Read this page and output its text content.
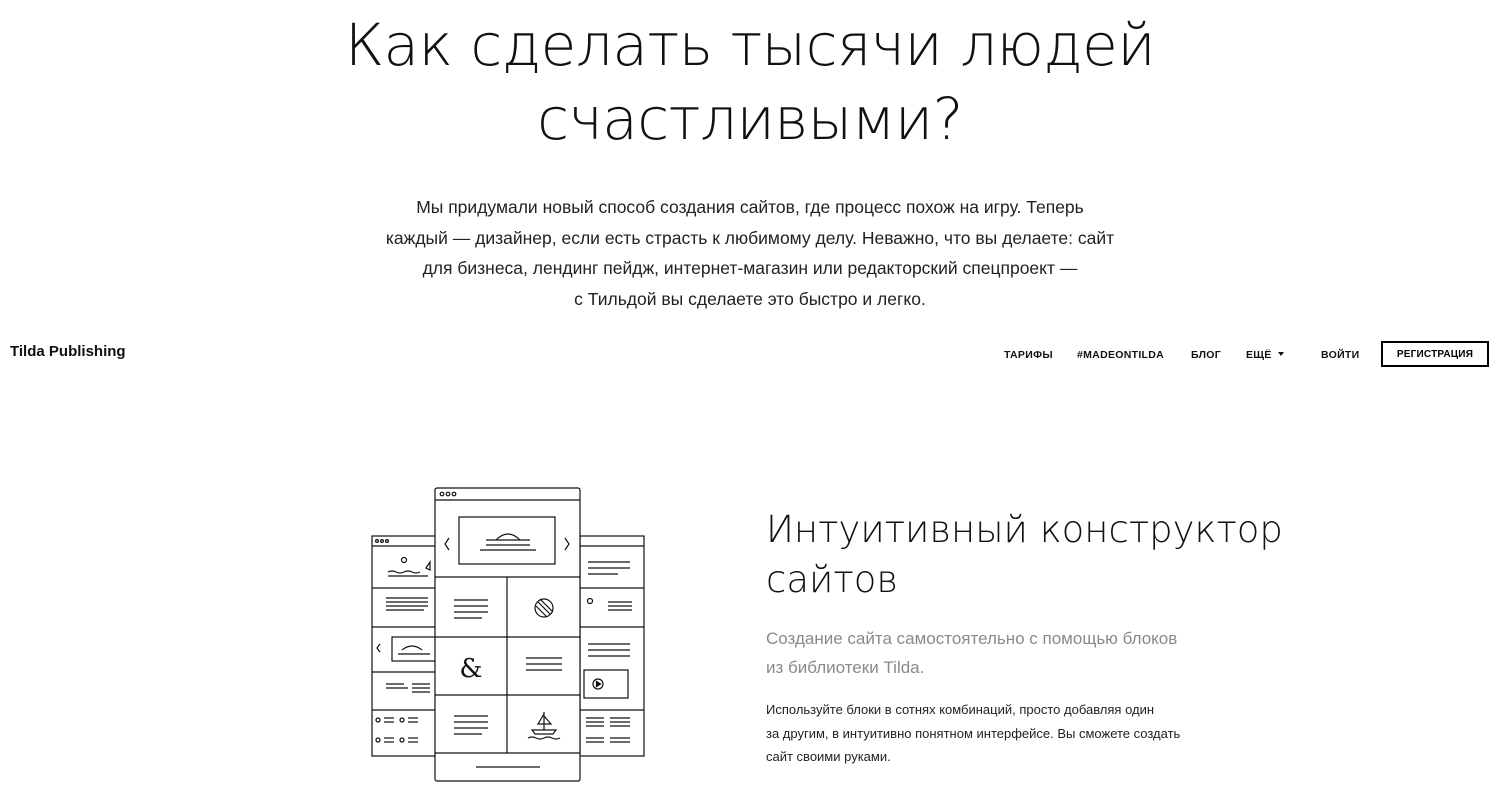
Как сделать тысячи людей
счастливыми?

Мы придумали новый способ создания сайтов, где процесс похож на игру. Теперь
каждый — дизайнер, если есть страсть к любимому делу. Неважно, что вы делаете: сайт
для бизнеса, лендинг пейдж, интернет-магазин или редакторский спецпроект —
с Тильдой вы сделаете это быстро и легко.

Tilda Publishing	ТАРИФЫ #MADEONTILDA	БЛОГ ЕЩЁ	ВОЙТИ	РЕГИСТРАЦИЯ
&
Интуитивный конструктор
сайтов

Создание сайта самостоятельно с помощью блоков
из библиотеки Tilda.

Используйте блоки в сотнях комбинаций, просто добавляя один
за другим, в интуитивно понятном интерфейсе. Вы сможете создать
сайт своими руками.
